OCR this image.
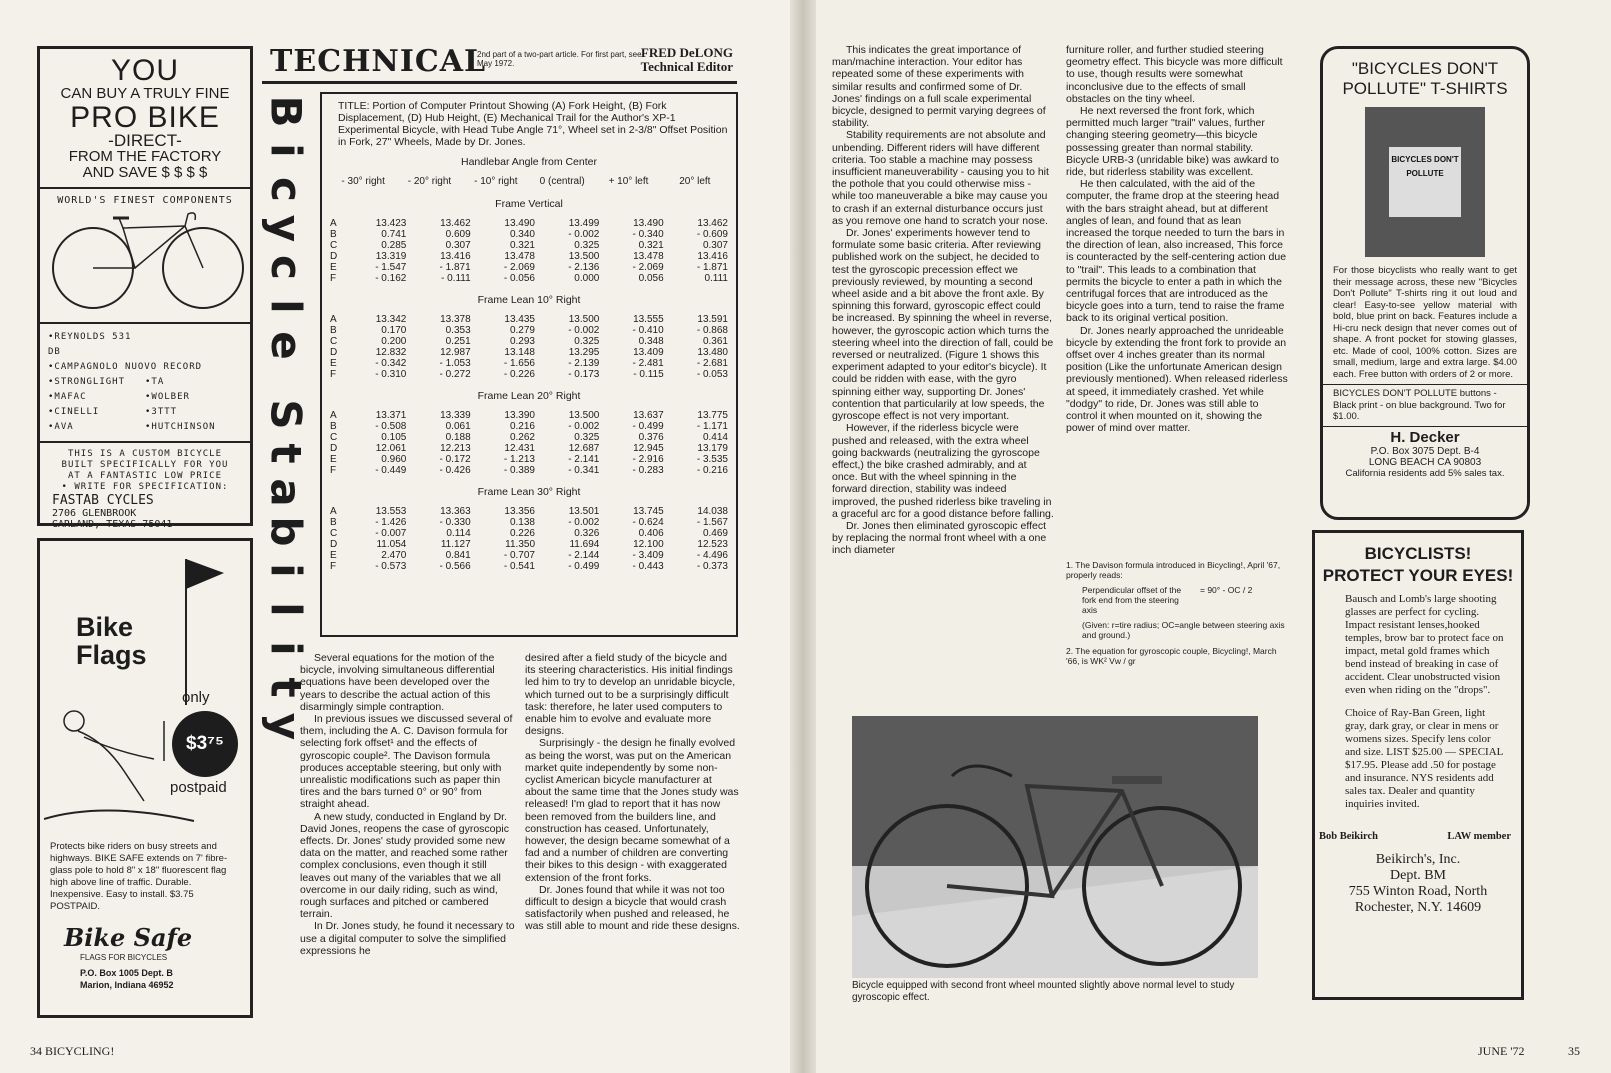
YOU
CAN BUY A TRULY FINE
PRO BIKE
-DIRECT-
FROM THE FACTORY
AND SAVE $ $ $ $
WORLD'S FINEST COMPONENTS
•REYNOLDS 531 DB
•CAMPAGNOLO NUOVO RECORD
•STRONGLIGHT	•TA
•MAFAC	•WOLBER
•CINELLI	•3TTT
•AVA	•HUTCHINSON
THIS IS A CUSTOM BICYCLE
BUILT SPECIFICALLY FOR YOU
AT A FANTASTIC LOW PRICE
• WRITE FOR SPECIFICATION:
FASTAB CYCLES
2706 GLENBROOK
GARLAND, TEXAS 75041
Bike
Flags
only
$3⁷⁵
postpaid
Protects bike riders on busy streets and highways. BIKE SAFE extends on 7' fibre-glass pole to hold 8" x 18" fluorescent flag high above line of traffic. Durable. Inexpensive. Easy to install. $3.75 POSTPAID.
Bike Safe
FLAGS FOR BICYCLES
P.O. Box 1005 Dept. B
Marion, Indiana 46952
TECHNICAL
2nd part of a two-part article. For first part, see May 1972.
FRED DeLONG
Technical Editor
B
i
c
y
c
l
e
S
t
a
b
i
l
i
t
y
TITLE: Portion of Computer Printout Showing (A) Fork Height, (B) Fork Displacement, (D) Hub Height, (E) Mechanical Trail for the Author's XP-1 Experimental Bicycle, with Head Tube Angle 71°, Wheel set in 2-3/8" Offset Position in Fork, 27" Wheels, Made by Dr. Jones.
Handlebar Angle from Center
- 30° right	- 20° right	- 10° right	0 (central)	+ 10° left	20° left
Frame Vertical
A	13.423	13.462	13.490	13.499	13.490	13.462
B	0.741	0.609	0.340	- 0.002	- 0.340	- 0.609
C	0.285	0.307	0.321	0.325	0.321	0.307
D	13.319	13.416	13.478	13.500	13.478	13.416
E	- 1.547	- 1.871	- 2.069	- 2.136	- 2.069	- 1.871
F	- 0.162	- 0.111	- 0.056	0.000	0.056	0.111
Frame Lean 10° Right
A	13.342	13.378	13.435	13.500	13.555	13.591
B	0.170	0.353	0.279	- 0.002	- 0.410	- 0.868
C	0.200	0.251	0.293	0.325	0.348	0.361
D	12.832	12.987	13.148	13.295	13.409	13.480
E	- 0.342	- 1.053	- 1.656	- 2.139	- 2.481	- 2.681
F	- 0.310	- 0.272	- 0.226	- 0.173	- 0.115	- 0.053
Frame Lean 20° Right
A	13.371	13.339	13.390	13.500	13.637	13.775
B	- 0.508	0.061	0.216	- 0.002	- 0.499	- 1.171
C	0.105	0.188	0.262	0.325	0.376	0.414
D	12.061	12.213	12.431	12.687	12.945	13.179
E	0.960	- 0.172	- 1.213	- 2.141	- 2.916	- 3.535
F	- 0.449	- 0.426	- 0.389	- 0.341	- 0.283	- 0.216
Frame Lean 30° Right
A	13.553	13.363	13.356	13.501	13.745	14.038
B	- 1.426	- 0.330	0.138	- 0.002	- 0.624	- 1.567
C	- 0.007	0.114	0.226	0.326	0.406	0.469
D	11.054	11.127	11.350	11.694	12.100	12.523
E	2.470	0.841	- 0.707	- 2.144	- 3.409	- 4.496
F	- 0.573	- 0.566	- 0.541	- 0.499	- 0.443	- 0.373

Several equations for the motion of the bicycle, involving simultaneous differential equations have been developed over the years to describe the actual action of this disarmingly simple contraption.

In previous issues we discussed several of them, including the A. C. Davison formula for selecting fork offset¹ and the effects of gyroscopic couple². The Davison formula produces acceptable steering, but only with unrealistic modifications such as paper thin tires and the bars turned 0° or 90° from straight ahead.

A new study, conducted in England by Dr. David Jones, reopens the case of gyroscopic effects. Dr. Jones' study provided some new data on the matter, and reached some rather complex conclusions, even though it still leaves out many of the variables that we all overcome in our daily riding, such as wind, rough surfaces and pitched or cambered terrain.

In Dr. Jones study, he found it necessary to use a digital computer to solve the simplified expressions he

desired after a field study of the bicycle and its steering characteristics. His initial findings led him to try to develop an unridable bicycle, which turned out to be a surprisingly difficult task: therefore, he later used computers to enable him to evolve and evaluate more designs.

Surprisingly - the design he finally evolved as being the worst, was put on the American market quite independently by some non-cyclist American bicycle manufacturer at about the same time that the Jones study was released! I'm glad to report that it has now been removed from the builders line, and construction has ceased. Unfortunately, however, the design became somewhat of a fad and a number of children are converting their bikes to this design - with exaggerated extension of the front forks.

Dr. Jones found that while it was not too difficult to design a bicycle that would crash satisfactorily when pushed and released, he was still able to mount and ride these designs.

34 BICYCLING!

This indicates the great importance of man/machine interaction. Your editor has repeated some of these experiments with similar results and confirmed some of Dr. Jones' findings on a full scale experimental bicycle, designed to permit varying degrees of stability.

Stability requirements are not absolute and unbending. Different riders will have different criteria. Too stable a machine may possess insufficient maneuverability - causing you to hit the pothole that you could otherwise miss - while too maneuverable a bike may cause you to crash if an external disturbance occurs just as you remove one hand to scratch your nose.

Dr. Jones' experiments however tend to formulate some basic criteria. After reviewing published work on the subject, he decided to test the gyroscopic precession effect we previously reviewed, by mounting a second wheel aside and a bit above the front axle. By spinning this forward, gyroscopic effect could be increased. By spinning the wheel in reverse, however, the gyroscopic action which turns the steering wheel into the direction of fall, could be reversed or neutralized. (Figure 1 shows this experiment adapted to your editor's bicycle). It could be ridden with ease, with the gyro spinning either way, supporting Dr. Jones' contention that particularily at low speeds, the gyroscope effect is not very important.

However, if the riderless bicycle were pushed and released, with the extra wheel going backwards (neutralizing the gyroscope effect,) the bike crashed admirably, and at once. But with the wheel spinning in the forward direction, stability was indeed improved, the pushed riderless bike traveling in a graceful arc for a good distance before falling.

Dr. Jones then eliminated gyroscopic effect by replacing the normal front wheel with a one inch diameter

furniture roller, and further studied steering geometry effect. This bicycle was more difficult to use, though results were somewhat inconclusive due to the effects of small obstacles on the tiny wheel.

He next reversed the front fork, which permitted much larger "trail" values, further changing steering geometry—this bicycle possessing greater than normal stability. Bicycle URB-3 (unridable bike) was awkard to ride, but riderless stability was excellent.

He then calculated, with the aid of the computer, the frame drop at the steering head with the bars straight ahead, but at different angles of lean, and found that as lean increased the torque needed to turn the bars in the direction of lean, also increased, This force is counteracted by the self-centering action due to "trail". This leads to a combination that permits the bicycle to enter a path in which the centrifugal forces that are introduced as the bicycle goes into a turn, tend to raise the frame back to its original vertical position.

Dr. Jones nearly approached the unrideable bicycle by extending the front fork to provide an offset over 4 inches greater than its normal position (Like the unfortunate American design previously mentioned). When released riderless at speed, it immediately crashed. Yet while "dodgy" to ride, Dr. Jones was still able to control it when mounted on it, showing the power of mind over matter.

1. The Davison formula introduced in Bicycling!, April '67, properly reads:
Perpendicular offset of the fork end from the steering axis
= 90° - OC / 2
(Given: r=tire radius; OC=angle between steering axis and ground.)
2. The equation for gyroscopic couple, Bicycling!, March '66, is WK² Vw / gr
Bicycle equipped with second front wheel mounted slightly above normal level to study gyroscopic effect.
"BICYCLES DON'T POLLUTE" T-SHIRTS
BICYCLES DON'T POLLUTE
For those bicyclists who really want to get their message across, these new "Bicycles Don't Pollute" T-shirts ring it out loud and clear! Easy-to-see yellow material with bold, blue print on back. Features include a Hi-cru neck design that never comes out of shape. A front pocket for stowing glasses, etc. Made of cool, 100% cotton. Sizes are small, medium, large and extra large. $4.00 each. Free button with orders of 2 or more.
BICYCLES DON'T POLLUTE buttons - Black print - on blue background. Two for $1.00.
H. Decker
P.O. Box 3075 Dept. B-4
LONG BEACH CA 90803
California residents add 5% sales tax.
BICYCLISTS!
PROTECT YOUR EYES!

Bausch and Lomb's large shooting glasses are perfect for cycling. Impact resistant lenses,hooked temples, brow bar to protect face on impact, metal gold frames which bend instead of breaking in case of accident. Clear unobstructed vision even when riding on the "drops".

Choice of Ray-Ban Green, light gray, dark gray, or clear in mens or womens sizes. Specify lens color and size. LIST $25.00 — SPECIAL $17.95. Please add .50 for postage and insurance. NYS residents add sales tax. Dealer and quantity inquiries invited.

Bob Beikirch	LAW member
Beikirch's, Inc.
Dept. BM
755 Winton Road, North
Rochester, N.Y. 14609
JUNE '72	35
